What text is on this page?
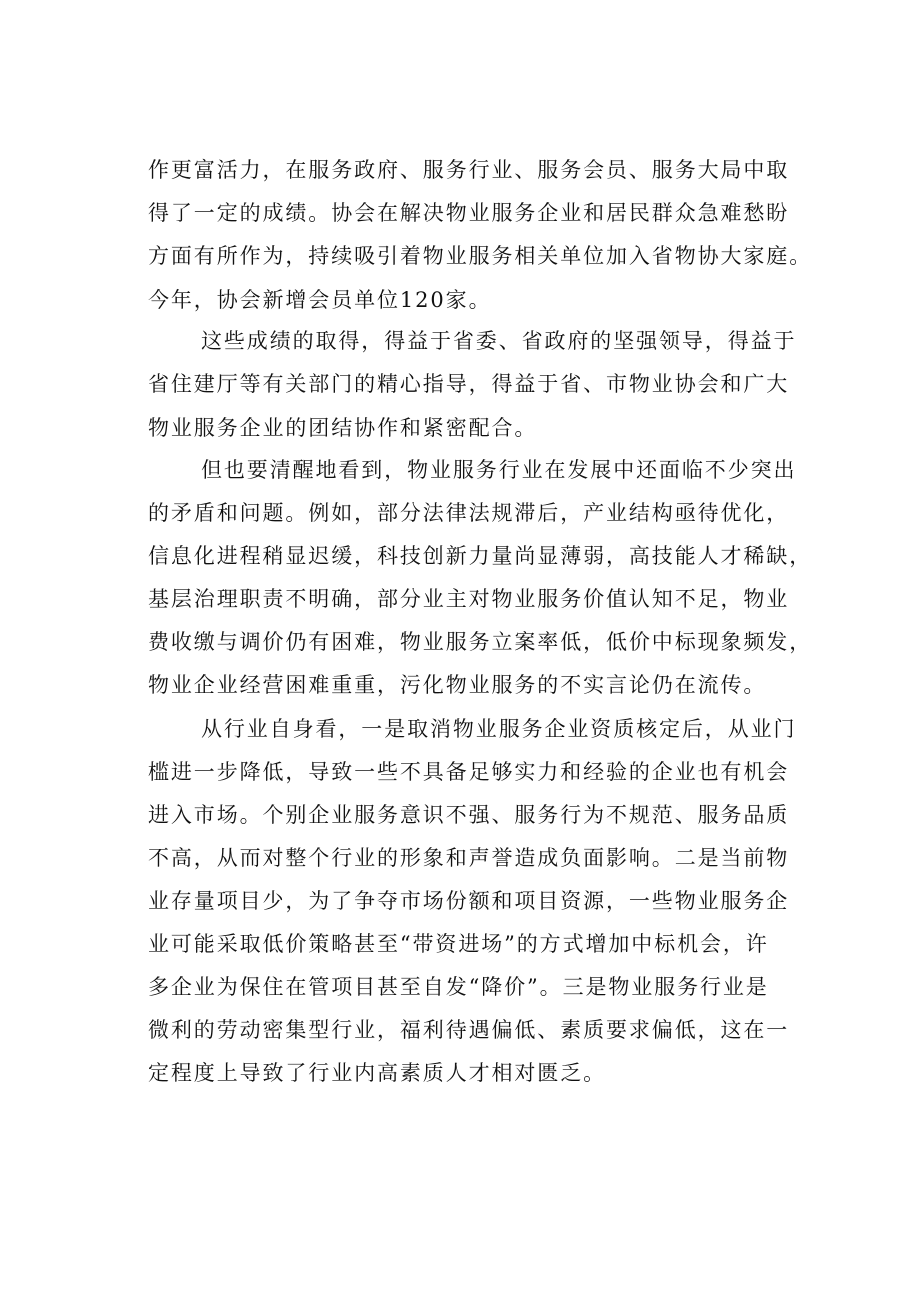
作更富活力，在服务政府、服务行业、服务会员、服务大局中取
得了一定的成绩。协会在解决物业服务企业和居民群众急难愁盼
方面有所作为，持续吸引着物业服务相关单位加入省物协大家庭。
今年，协会新增会员单位120家。
这些成绩的取得，得益于省委、省政府的坚强领导，得益于
省住建厅等有关部门的精心指导，得益于省、市物业协会和广大
物业服务企业的团结协作和紧密配合。
但也要清醒地看到，物业服务行业在发展中还面临不少突出
的矛盾和问题。例如，部分法律法规滞后，产业结构亟待优化，
信息化进程稍显迟缓，科技创新力量尚显薄弱，高技能人才稀缺，
基层治理职责不明确，部分业主对物业服务价值认知不足，物业
费收缴与调价仍有困难，物业服务立案率低，低价中标现象频发，
物业企业经营困难重重，污化物业服务的不实言论仍在流传。
从行业自身看，一是取消物业服务企业资质核定后，从业门
槛进一步降低，导致一些不具备足够实力和经验的企业也有机会
进入市场。个别企业服务意识不强、服务行为不规范、服务品质
不高，从而对整个行业的形象和声誉造成负面影响。二是当前物
业存量项目少，为了争夺市场份额和项目资源，一些物业服务企
业可能采取低价策略甚至“带资进场”的方式增加中标机会，许
多企业为保住在管项目甚至自发“降价”。三是物业服务行业是
微利的劳动密集型行业，福利待遇偏低、素质要求偏低，这在一
定程度上导致了行业内高素质人才相对匮乏。
